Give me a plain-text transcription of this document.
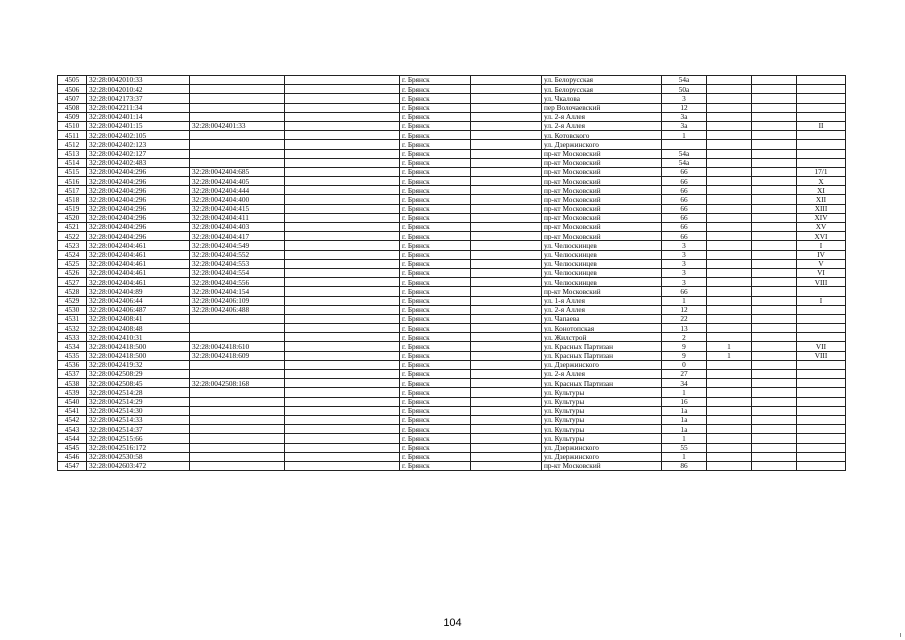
4505	32:28:0042010:33			г. Брянск		ул. Белорусская	54а			
4506	32:28:0042010:42			г. Брянск		ул. Белорусская	50а			
4507	32:28:0042173:37			г. Брянск		ул. Чкалова	3			
4508	32:28:0042211:34			г. Брянск		пер Волочаевский	12			
4509	32:28:0042401:14			г. Брянск		ул. 2-я Аллея	3а			
4510	32:28:0042401:15	32:28:0042401:33		г. Брянск		ул. 2-я Аллея	3а			II
4511	32:28:0042402:105			г. Брянск		ул. Котовского	1			
4512	32:28:0042402:123			г. Брянск		ул. Дзержинского				
4513	32:28:0042402:127			г. Брянск		пр-кт Московский	54а			
4514	32:28:0042402:483			г. Брянск		пр-кт Московский	54а			
4515	32:28:0042404:296	32:28:0042404:685		г. Брянск		пр-кт Московский	66			17/1
4516	32:28:0042404:296	32:28:0042404:405		г. Брянск		пр-кт Московский	66			X
4517	32:28:0042404:296	32:28:0042404:444		г. Брянск		пр-кт Московский	66			XI
4518	32:28:0042404:296	32:28:0042404:400		г. Брянск		пр-кт Московский	66			XII
4519	32:28:0042404:296	32:28:0042404:415		г. Брянск		пр-кт Московский	66			XIII
4520	32:28:0042404:296	32:28:0042404:411		г. Брянск		пр-кт Московский	66			XIV
4521	32:28:0042404:296	32:28:0042404:403		г. Брянск		пр-кт Московский	66			XV
4522	32:28:0042404:296	32:28:0042404:417		г. Брянск		пр-кт Московский	66			XVI
4523	32:28:0042404:461	32:28:0042404:549		г. Брянск		ул. Челюскинцев	3			I
4524	32:28:0042404:461	32:28:0042404:552		г. Брянск		ул. Челюскинцев	3			IV
4525	32:28:0042404:461	32:28:0042404:553		г. Брянск		ул. Челюскинцев	3			V
4526	32:28:0042404:461	32:28:0042404:554		г. Брянск		ул. Челюскинцев	3			VI
4527	32:28:0042404:461	32:28:0042404:556		г. Брянск		ул. Челюскинцев	3			VIII
4528	32:28:0042404:89	32:28:0042404:154		г. Брянск		пр-кт Московский	66			
4529	32:28:0042406:44	32:28:0042406:109		г. Брянск		ул. 1-я Аллея	1			I
4530	32:28:0042406:487	32:28:0042406:488		г. Брянск		ул. 2-я Аллея	12			
4531	32:28:0042408:41			г. Брянск		ул. Чапаева	22			
4532	32:28:0042408:48			г. Брянск		ул. Конотопская	13			
4533	32:28:0042410:31			г. Брянск		ул. Жилстрой	2			
4534	32:28:0042418:500	32:28:0042418:610		г. Брянск		ул. Красных Партизан	9	1		VII
4535	32:28:0042418:500	32:28:0042418:609		г. Брянск		ул. Красных Партизан	9	1		VIII
4536	32:28:0042419:32			г. Брянск		ул. Дзержинского	0			
4537	32:28:0042508:29			г. Брянск		ул. 2-я Аллея	27			
4538	32:28:0042508:45	32:28:0042508:168		г. Брянск		ул. Красных Партизан	34			
4539	32:28:0042514:28			г. Брянск		ул. Культуры	1			
4540	32:28:0042514:29			г. Брянск		ул. Культуры	16			
4541	32:28:0042514:30			г. Брянск		ул. Культуры	1а			
4542	32:28:0042514:33			г. Брянск		ул. Культуры	1а			
4543	32:28:0042514:37			г. Брянск		ул. Культуры	1а			
4544	32:28:0042515:66			г. Брянск		ул. Культуры	1			
4545	32:28:0042516:172			г. Брянск		ул. Дзержинского	55			
4546	32:28:0042530:58			г. Брянск		ул. Дзержинского	1			
4547	32:28:0042603:472			г. Брянск		пр-кт Московский	86			
104
